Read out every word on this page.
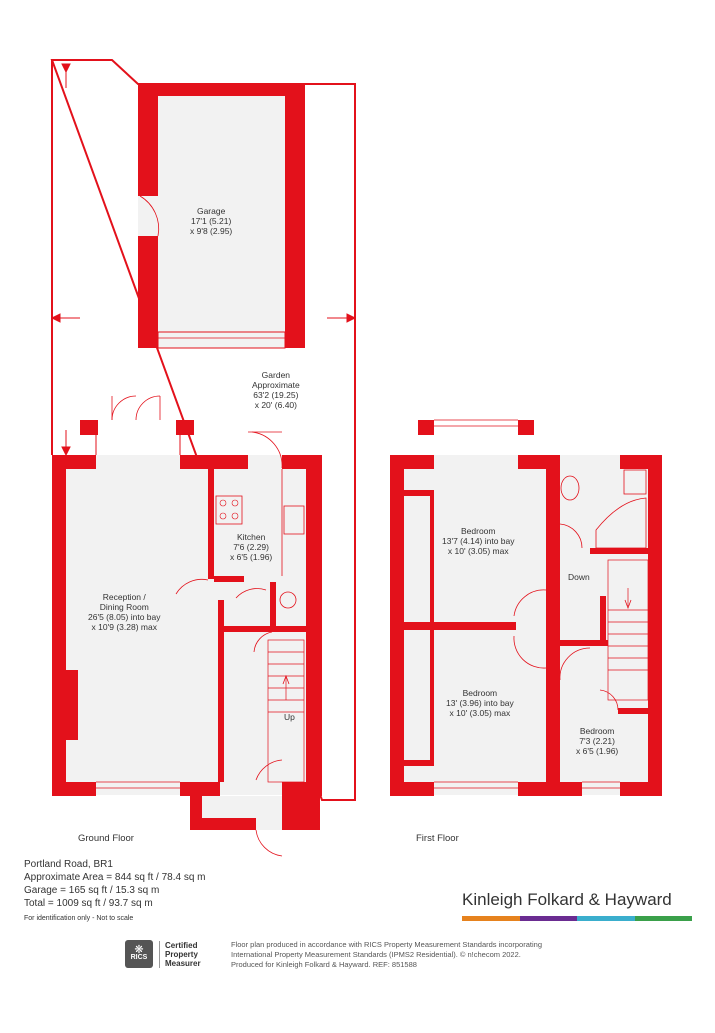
Garage
17'1 (5.21)
x 9'8 (2.95)
Garden
Approximate
63'2 (19.25)
x 20' (6.40)
Kitchen
7'6 (2.29)
x 6'5 (1.96)
Reception /
Dining Room
26'5 (8.05) into bay
x 10'9 (3.28) max
Bedroom
13'7 (4.14) into bay
x 10' (3.05) max
Bedroom
13' (3.96) into bay
x 10' (3.05) max
Bedroom
7'3 (2.21)
x 6'5 (1.96)
Up
Down
Ground Floor	First Floor
Portland Road, BR1
Approximate Area = 844 sq ft / 78.4 sq m
Garage = 165 sq ft / 15.3 sq m
Total = 1009 sq ft / 93.7 sq m
For identification only - Not to scale
Kinleigh Folkard & Hayward
❋
RICS
Certified
Property
Measurer
Floor plan produced in accordance with RICS Property Measurement Standards incorporating
International Property Measurement Standards (IPMS2 Residential). © n!checom 2022.
Produced for Kinleigh Folkard & Hayward. REF: 851588
